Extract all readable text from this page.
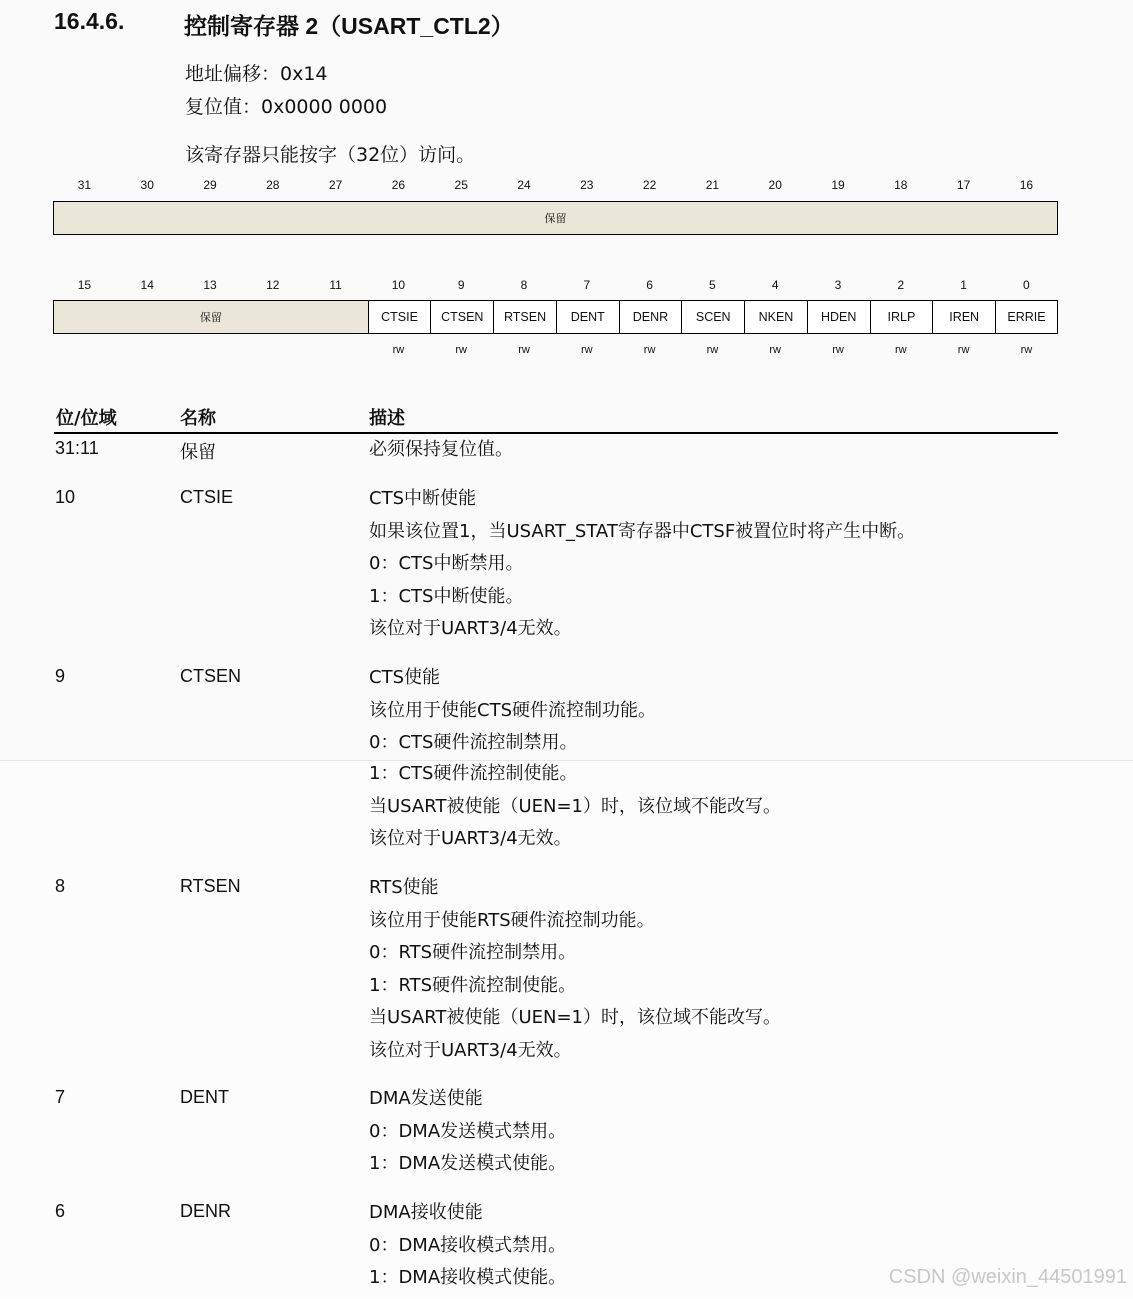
16.4.6.	控制寄存器 2（USART_CTL2）
地址偏移：0x14
复位值：0x0000 0000
该寄存器只能按字（32位）访问。
31	30	29	28	27	26	25	24	23	22	21	20	19	18	17	16
保留
15	14	13	12	11	10	9	8	7	6	5	4	3	2	1	0
保留	CTSIE	CTSEN	RTSEN	DENT	DENR	SCEN	NKEN	HDEN	IRLP	IREN	ERRIE
rw	rw	rw	rw	rw	rw	rw	rw	rw	rw	rw
位/位域	名称	描述
31:11	保留	必须保持复位值。
10	CTSIE	CTS中断使能
如果该位置1，当USART_STAT寄存器中CTSF被置位时将产生中断。
0：CTS中断禁用。
1：CTS中断使能。
该位对于UART3/4无效。
9	CTSEN	CTS使能
该位用于使能CTS硬件流控制功能。
0：CTS硬件流控制禁用。
1：CTS硬件流控制使能。
当USART被使能（UEN=1）时，该位域不能改写。
该位对于UART3/4无效。
8	RTSEN	RTS使能
该位用于使能RTS硬件流控制功能。
0：RTS硬件流控制禁用。
1：RTS硬件流控制使能。
当USART被使能（UEN=1）时，该位域不能改写。
该位对于UART3/4无效。
7	DENT	DMA发送使能
0：DMA发送模式禁用。
1：DMA发送模式使能。
6	DENR	DMA接收使能
0：DMA接收模式禁用。
1：DMA接收模式使能。	CSDN @weixin_44501991
